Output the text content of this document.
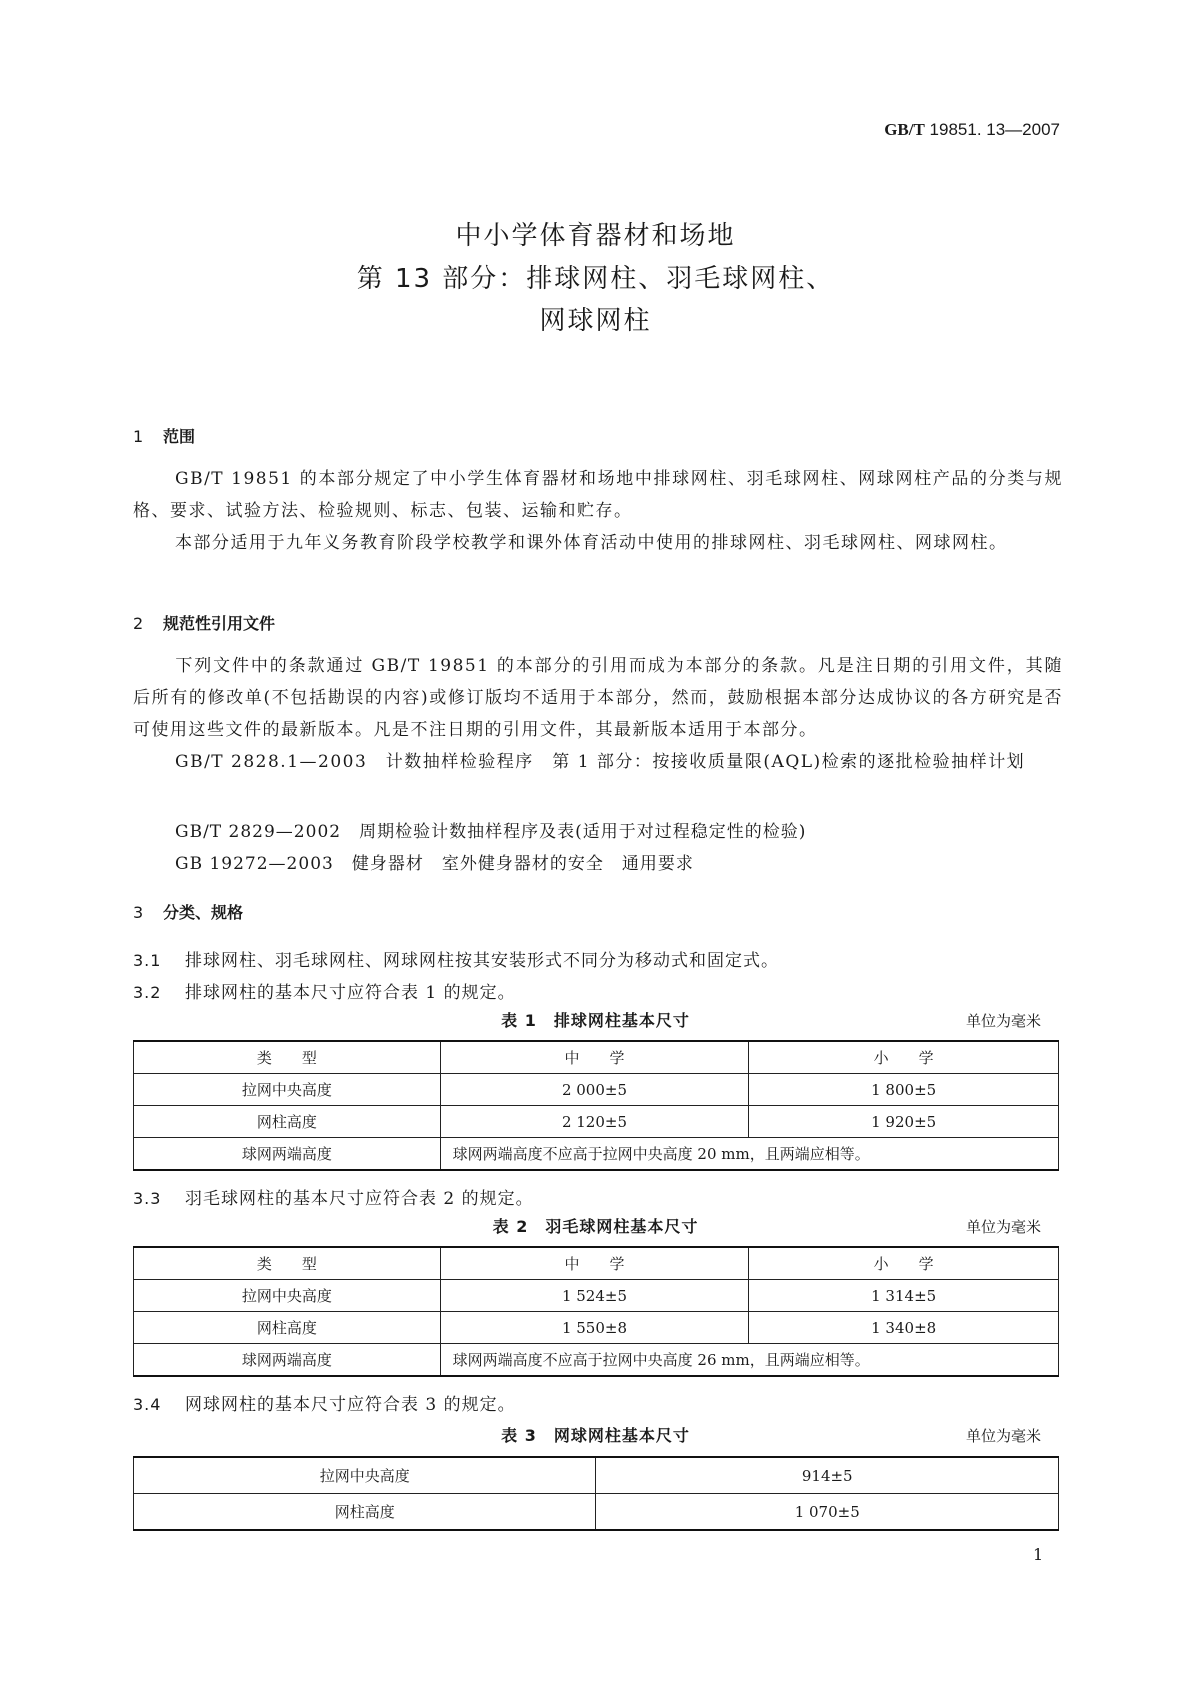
GB/T 19851. 13—2007
中小学体育器材和场地
第 13 部分：排球网柱、羽毛球网柱、
网球网柱
1 范围
GB/T 19851 的本部分规定了中小学生体育器材和场地中排球网柱、羽毛球网柱、网球网柱产品的分类与规格、要求、试验方法、检验规则、标志、包装、运输和贮存。
本部分适用于九年义务教育阶段学校教学和课外体育活动中使用的排球网柱、羽毛球网柱、网球网柱。
2 规范性引用文件
下列文件中的条款通过 GB/T 19851 的本部分的引用而成为本部分的条款。凡是注日期的引用文件，其随后所有的修改单(不包括勘误的内容)或修订版均不适用于本部分，然而，鼓励根据本部分达成协议的各方研究是否可使用这些文件的最新版本。凡是不注日期的引用文件，其最新版本适用于本部分。
GB/T 2828.1—2003　 计数抽样检验程序　第 1 部分：按接收质量限(AQL)检索的逐批检验抽样计划
GB/T 2829—2002　 周期检验计数抽样程序及表(适用于对过程稳定性的检验)
GB 19272—2003　 健身器材　室外健身器材的安全　通用要求
3 分类、规格
3.1 排球网柱、羽毛球网柱、网球网柱按其安装形式不同分为移动式和固定式。
3.2 排球网柱的基本尺寸应符合表 1 的规定。
表 1　排球网柱基本尺寸	单位为毫米
类　　型	中　　学	小　　学
拉网中央高度	2 000±5	1 800±5
网柱高度	2 120±5	1 920±5
球网两端高度	球网两端高度不应高于拉网中央高度 20 mm，且两端应相等。	
3.3 羽毛球网柱的基本尺寸应符合表 2 的规定。
表 2　羽毛球网柱基本尺寸	单位为毫米
类　　型	中　　学	小　　学
拉网中央高度	1 524±5	1 314±5
网柱高度	1 550±8	1 340±8
球网两端高度	球网两端高度不应高于拉网中央高度 26 mm，且两端应相等。	
3.4 网球网柱的基本尺寸应符合表 3 的规定。
表 3　网球网柱基本尺寸	单位为毫米
拉网中央高度	914±5
网柱高度	1 070±5
1
